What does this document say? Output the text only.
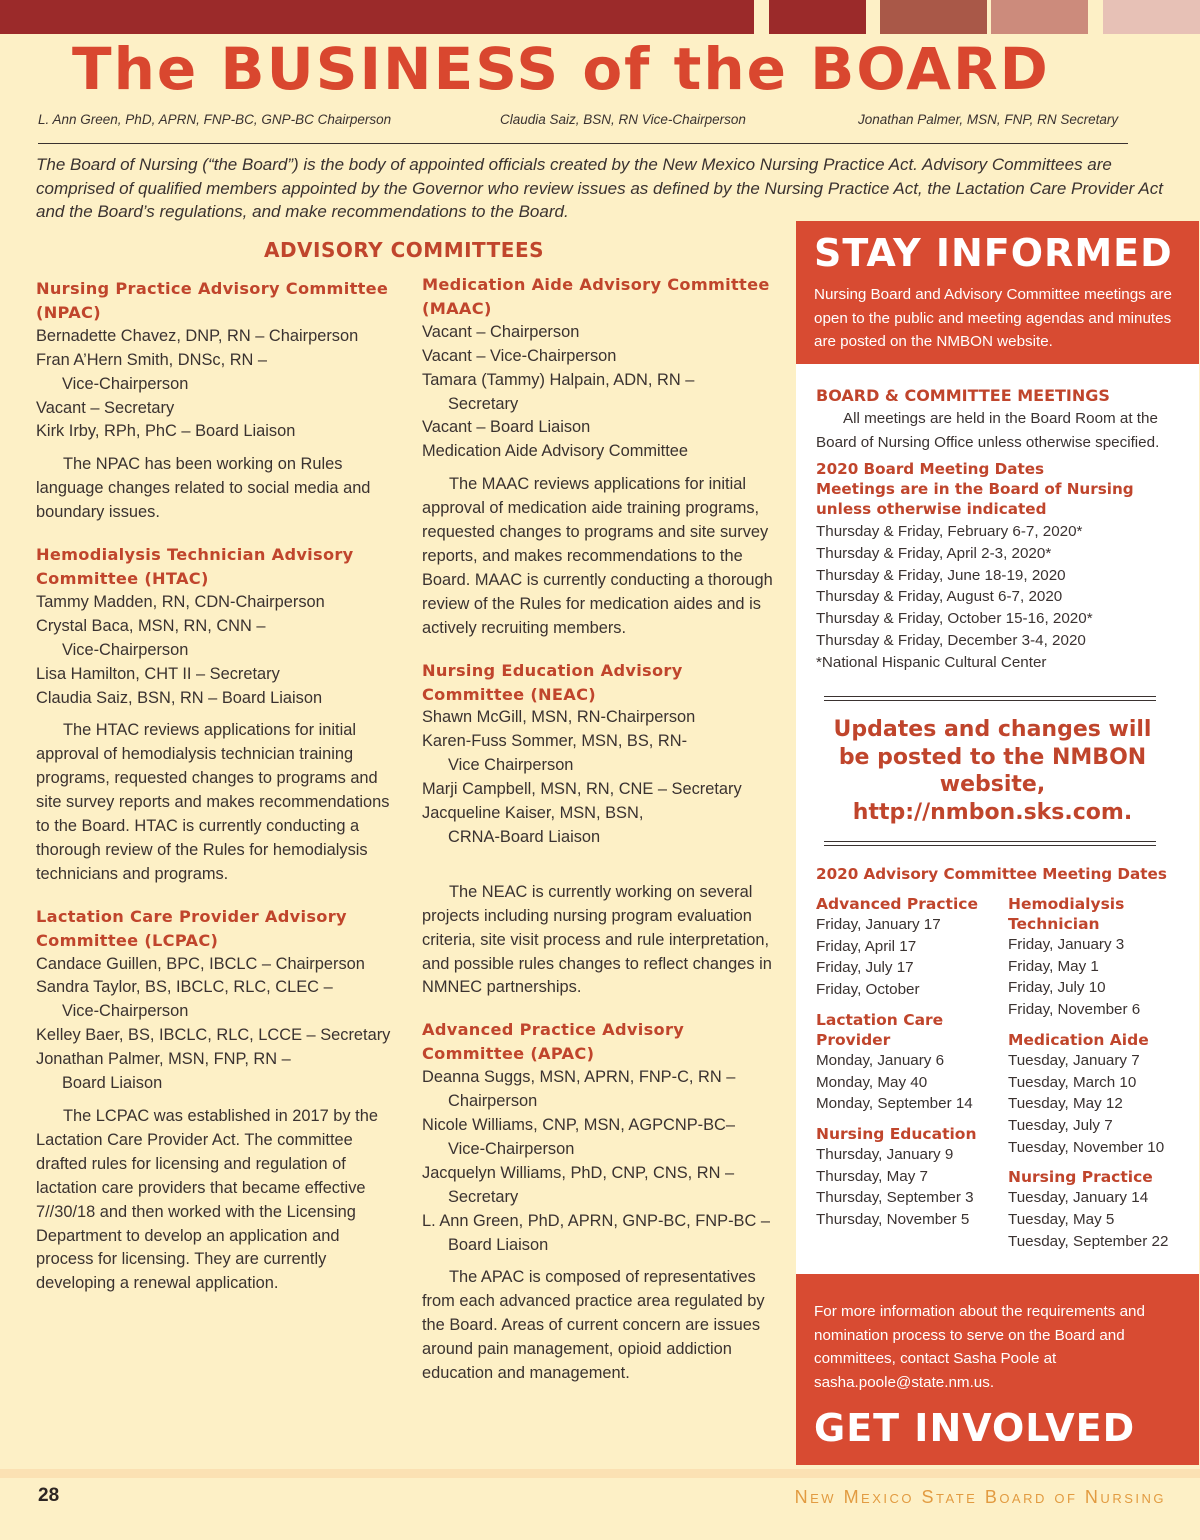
The BUSINESS of the BOARD
L. Ann Green, PhD, APRN, FNP-BC, GNP-BC Chairperson	Claudia Saiz, BSN, RN Vice-Chairperson	Jonathan Palmer, MSN, FNP, RN Secretary
The Board of Nursing (“the Board”) is the body of appointed officials created by the New Mexico Nursing Practice Act. Advisory Committees are comprised of qualified members appointed by the Governor who review issues as defined by the Nursing Practice Act, the Lactation Care Provider Act and the Board’s regulations, and make recommendations to the Board.
ADVISORY COMMITTEES

Nursing Practice Advisory Committee (NPAC)

Bernadette Chavez, DNP, RN – Chairperson

Fran A’Hern Smith, DNSc, RN –

Vice-Chairperson

Vacant – Secretary

Kirk Irby, RPh, PhC – Board Liaison

The NPAC has been working on Rules language changes related to social media and boundary issues.

Hemodialysis Technician Advisory Committee (HTAC)

Tammy Madden, RN, CDN-Chairperson

Crystal Baca, MSN, RN, CNN –

Vice-Chairperson

Lisa Hamilton, CHT II – Secretary

Claudia Saiz, BSN, RN – Board Liaison

The HTAC reviews applications for initial approval of hemodialysis technician training programs, requested changes to programs and site survey reports and makes recommendations to the Board. HTAC is currently conducting a thorough review of the Rules for hemodialysis technicians and programs.

Lactation Care Provider Advisory Committee (LCPAC)

Candace Guillen, BPC, IBCLC – Chairperson

Sandra Taylor, BS, IBCLC, RLC, CLEC –

Vice-Chairperson

Kelley Baer, BS, IBCLC, RLC, LCCE – Secretary

Jonathan Palmer, MSN, FNP, RN –

Board Liaison

The LCPAC was established in 2017 by the Lactation Care Provider Act. The committee drafted rules for licensing and regulation of lactation care providers that became effective 7//30/18 and then worked with the Licensing Department to develop an application and process for licensing. They are currently developing a renewal application.

Medication Aide Advisory Committee (MAAC)

Vacant – Chairperson

Vacant – Vice-Chairperson

Tamara (Tammy) Halpain, ADN, RN –

Secretary

Vacant – Board Liaison

Medication Aide Advisory Committee

The MAAC reviews applications for initial approval of medication aide training programs, requested changes to programs and site survey reports, and makes recommendations to the Board. MAAC is currently conducting a thorough review of the Rules for medication aides and is actively recruiting members.

Nursing Education Advisory Committee (NEAC)

Shawn McGill, MSN, RN-Chairperson

Karen-Fuss Sommer, MSN, BS, RN-

Vice Chairperson

Marji Campbell, MSN, RN, CNE – Secretary

Jacqueline Kaiser, MSN, BSN,

CRNA-Board Liaison

The NEAC is currently working on several projects including nursing program evaluation criteria, site visit process and rule interpretation, and possible rules changes to reflect changes in NMNEC partnerships.

Advanced Practice Advisory Committee (APAC)

Deanna Suggs, MSN, APRN, FNP-C, RN –

Chairperson

Nicole Williams, CNP, MSN, AGPCNP-BC–

Vice-Chairperson

Jacquelyn Williams, PhD, CNP, CNS, RN –

Secretary

L. Ann Green, PhD, APRN, GNP-BC, FNP-BC –

Board Liaison

The APAC is composed of representatives from each advanced practice area regulated by the Board. Areas of current concern are issues around pain management, opioid addiction education and management.

STAY INFORMED
Nursing Board and Advisory Committee meetings are open to the public and meeting agendas and minutes are posted on the NMBON website.

BOARD & COMMITTEE MEETINGS

All meetings are held in the Board Room at the Board of Nursing Office unless otherwise specified.

2020 Board Meeting Dates

Meetings are in the Board of Nursing unless otherwise indicated

Thursday & Friday, February 6-7, 2020*

Thursday & Friday, April 2-3, 2020*

Thursday & Friday, June 18-19, 2020

Thursday & Friday, August 6-7, 2020

Thursday & Friday, October 15-16, 2020*

Thursday & Friday, December 3-4, 2020

*National Hispanic Cultural Center

Updates and changes will be posted to the NMBON website, http://nmbon.sks.com.

2020 Advisory Committee Meeting Dates

Advanced Practice

Friday, January 17

Friday, April 17

Friday, July 17

Friday, October

Lactation Care Provider

Monday, January 6

Monday, May 40

Monday, September 14

Nursing Education

Thursday, January 9

Thursday, May 7

Thursday, September 3

Thursday, November 5

Hemodialysis Technician

Friday, January 3

Friday, May 1

Friday, July 10

Friday, November 6

Medication Aide

Tuesday, January 7

Tuesday, March 10

Tuesday, May 12

Tuesday, July 7

Tuesday, November 10

Nursing Practice

Tuesday, January 14

Tuesday, May 5

Tuesday, September 22

For more information about the requirements and nomination process to serve on the Board and committees, contact Sasha Poole at sasha.poole@state.nm.us.
GET INVOLVED
28	New Mexico State Board of Nursing
